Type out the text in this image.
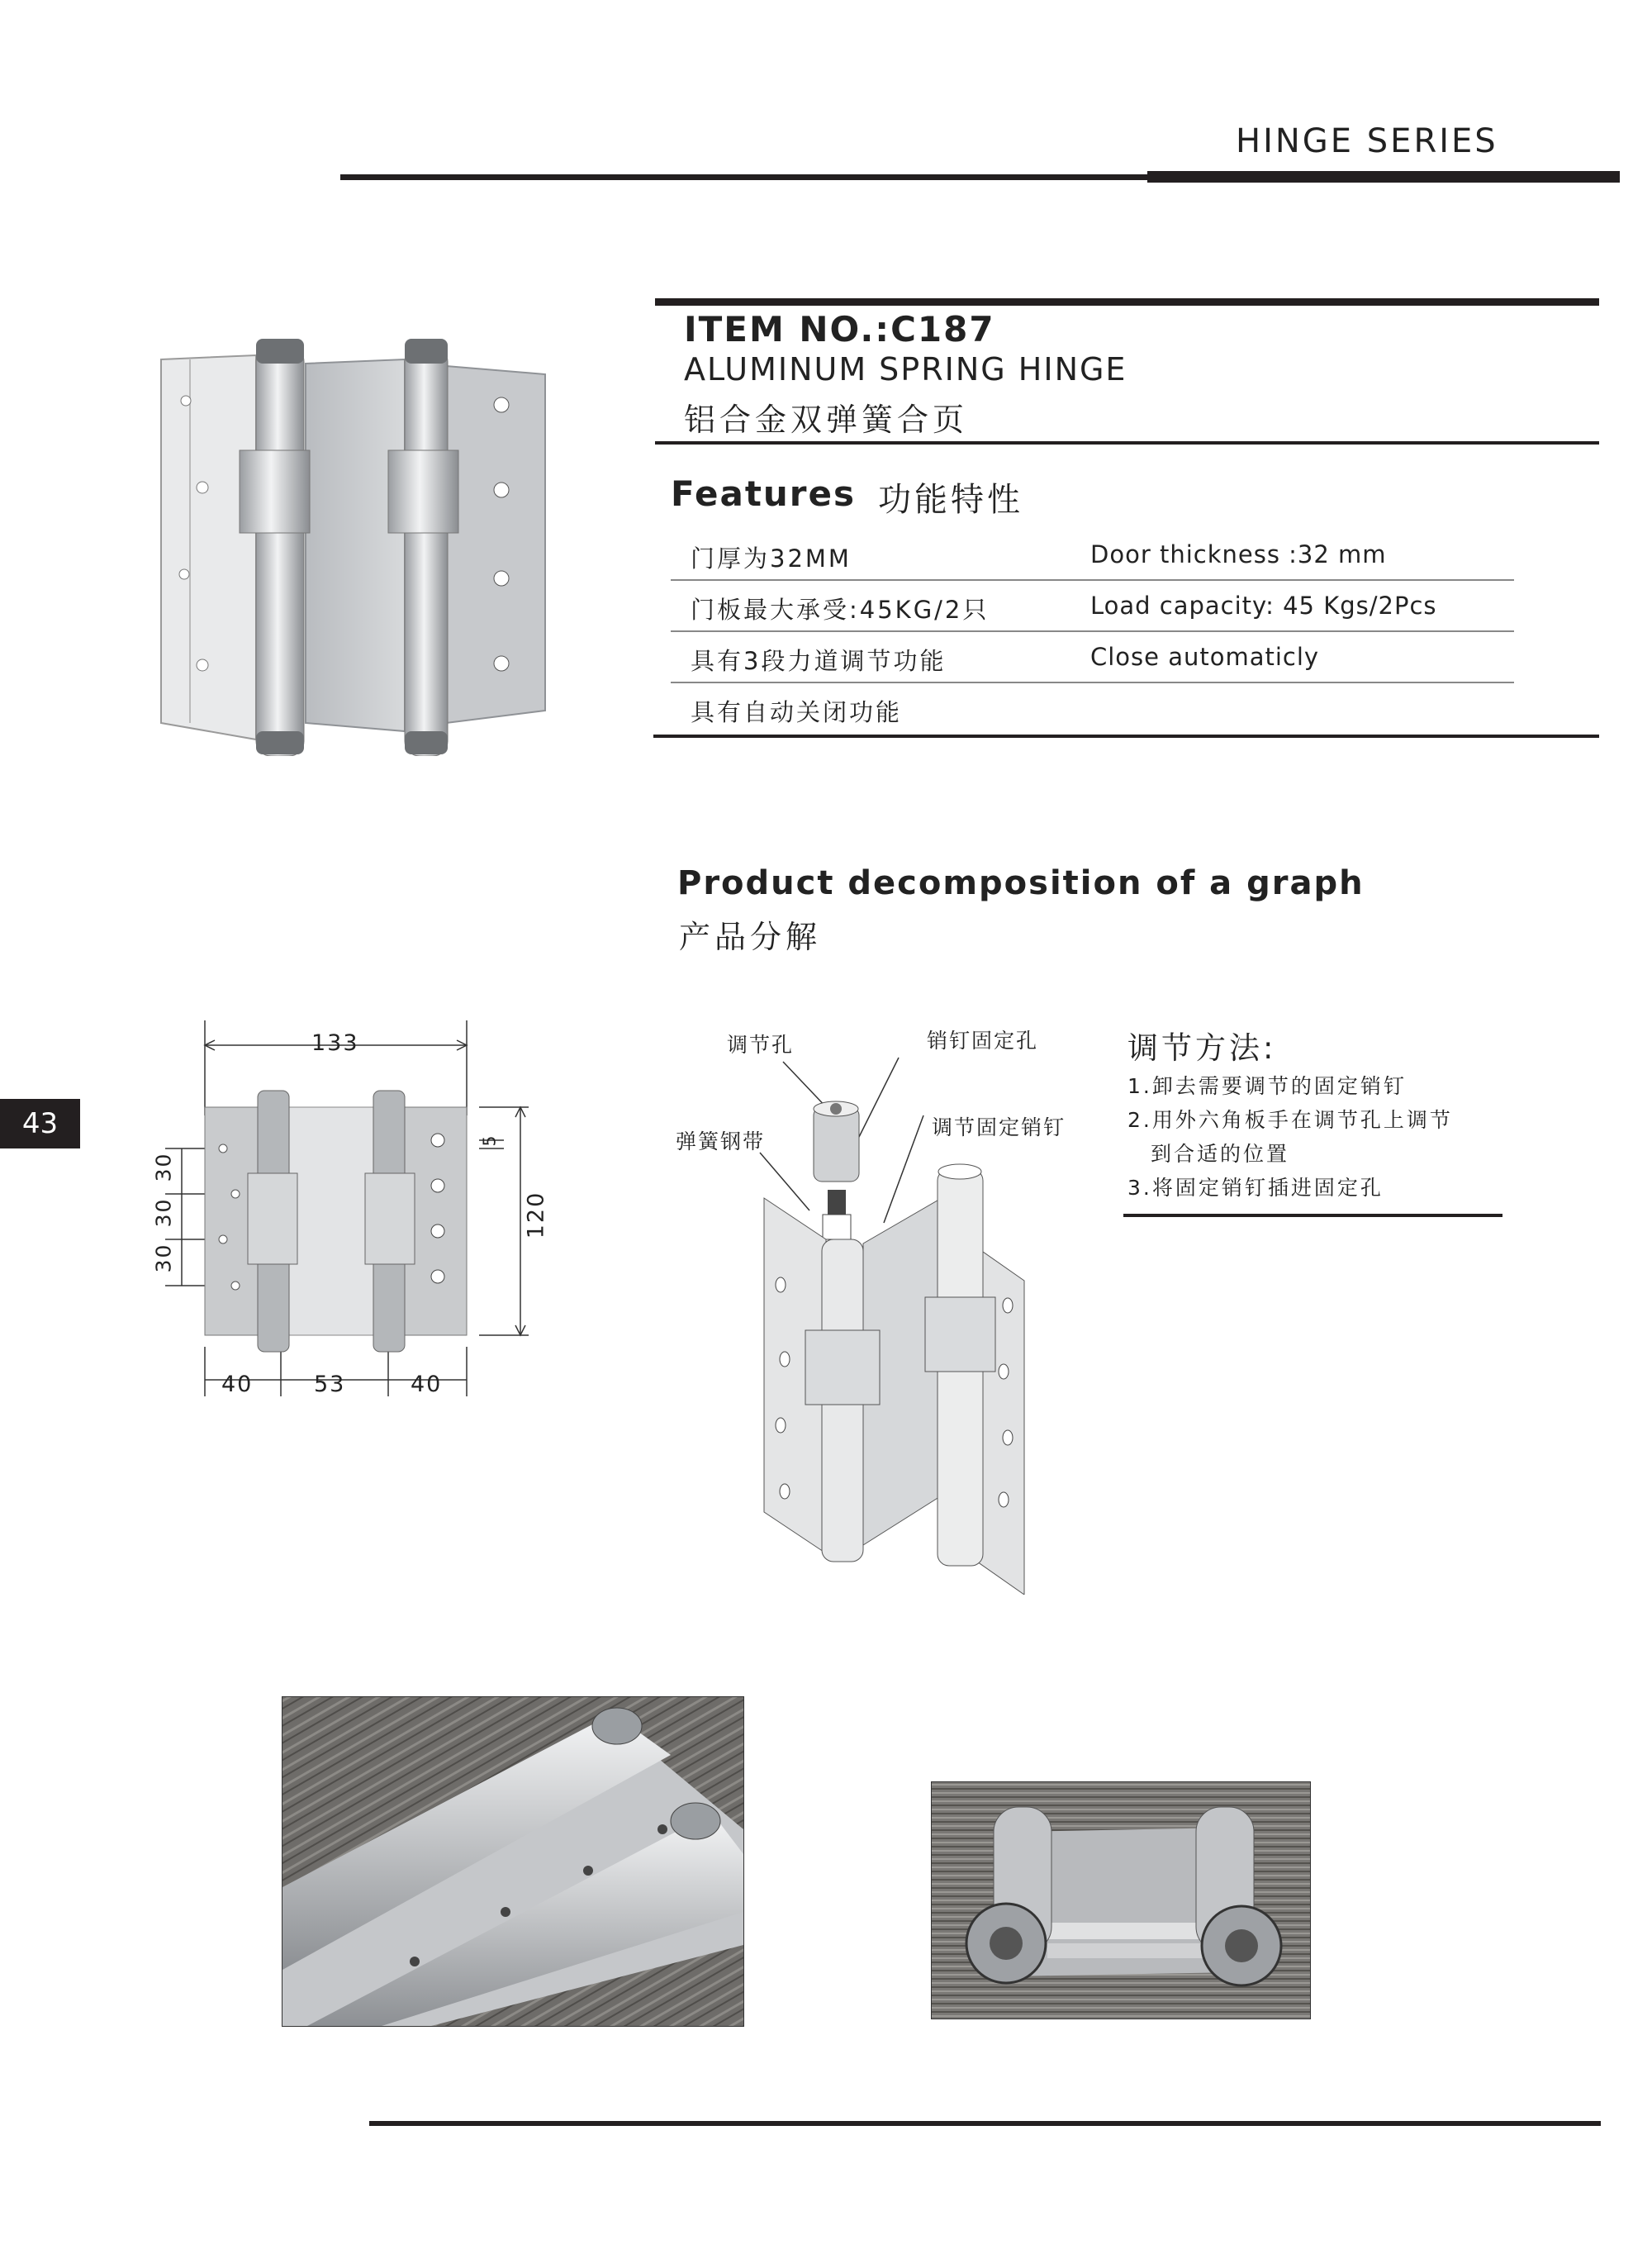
HINGE SERIES
ITEM NO.:C187
ALUMINUM SPRING HINGE
铝合金双弹簧合页
Features 功能特性
门厚为32MM	Door thickness :32 mm
门板最大承受:45KG/2只	Load capacity: 45 Kgs/2Pcs
具有3段力道调节功能	Close automaticly
具有自动关闭功能
Product decomposition of a graph
产品分解
43
133
120
30
30
30
5
40	53	40
调节孔	销钉固定孔
弹簧钢带
调节固定销钉
调节方法:
1.卸去需要调节的固定销钉
2.用外六角板手在调节孔上调节
到合适的位置
3.将固定销钉插进固定孔
